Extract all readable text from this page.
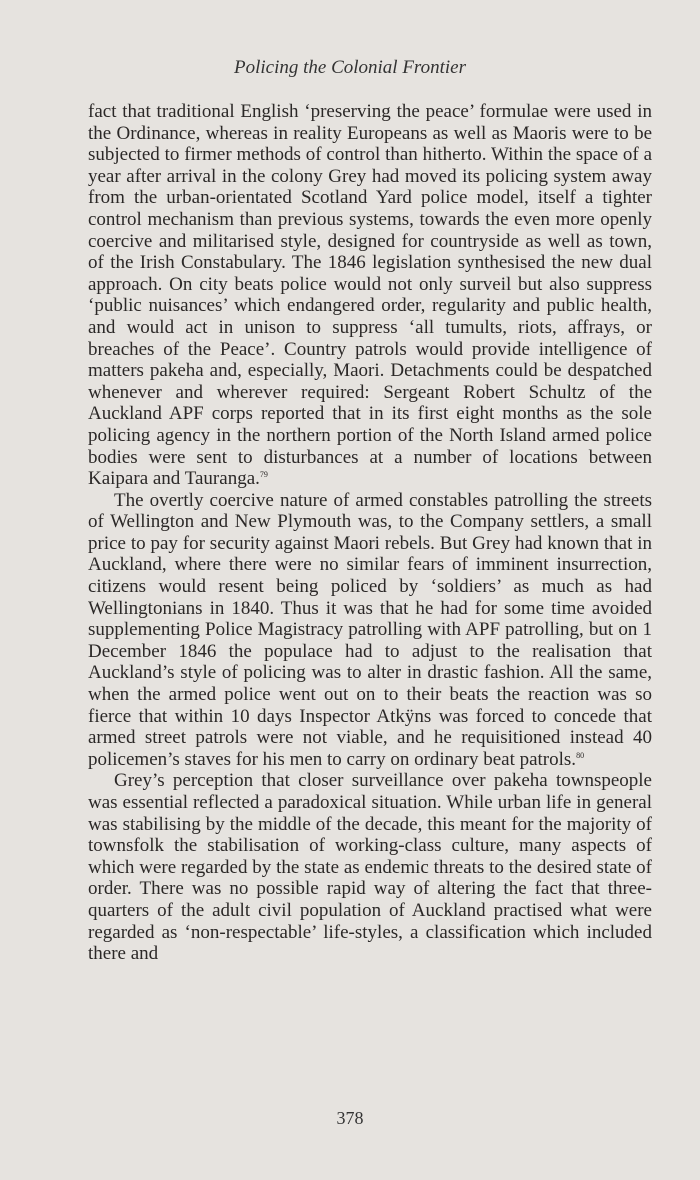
Policing the Colonial Frontier

fact that traditional English ‘preserving the peace’ formulae were used in the Ordinance, whereas in reality Europeans as well as Maoris were to be subjected to firmer methods of control than hitherto. Within the space of a year after arrival in the colony Grey had moved its policing system away from the urban-orientated Scotland Yard police model, itself a tighter control mechanism than previous systems, towards the even more openly coercive and militarised style, designed for countryside as well as town, of the Irish Constabulary. The 1846 legislation synthesised the new dual approach. On city beats police would not only surveil but also suppress ‘public nuisances’ which endangered order, regularity and public health, and would act in unison to suppress ‘all tumults, riots, affrays, or breaches of the Peace’. Country patrols would provide intelligence of matters pakeha and, especially, Maori. Detachments could be despatched whenever and wherever required: Sergeant Robert Schultz of the Auckland APF corps reported that in its first eight months as the sole policing agency in the northern portion of the North Island armed police bodies were sent to disturbances at a number of locations between Kaipara and Tauranga.$^{79}$

The overtly coercive nature of armed constables patrolling the streets of Wellington and New Plymouth was, to the Company settlers, a small price to pay for security against Maori rebels. But Grey had known that in Auckland, where there were no similar fears of imminent insurrection, citizens would resent being policed by ‘soldiers’ as much as had Wellingtonians in 1840. Thus it was that he had for some time avoided supplementing Police Magistracy patrolling with APF patrolling, but on 1 December 1846 the populace had to adjust to the realisation that Auckland’s style of policing was to alter in drastic fashion. All the same, when the armed police went out on to their beats the reaction was so fierce that within 10 days Inspector Atkÿns was forced to concede that armed street patrols were not viable, and he requisitioned instead 40 policemen’s staves for his men to carry on ordinary beat patrols.$^{80}$

Grey’s perception that closer surveillance over pakeha townspeople was essential reflected a paradoxical situation. While urban life in general was stabilising by the middle of the decade, this meant for the majority of townsfolk the stabilisation of working-class culture, many aspects of which were regarded by the state as endemic threats to the desired state of order. There was no possible rapid way of altering the fact that three-quarters of the adult civil population of Auckland practised what were regarded as ‘non-respectable’ life-styles, a classification which included there and

378
